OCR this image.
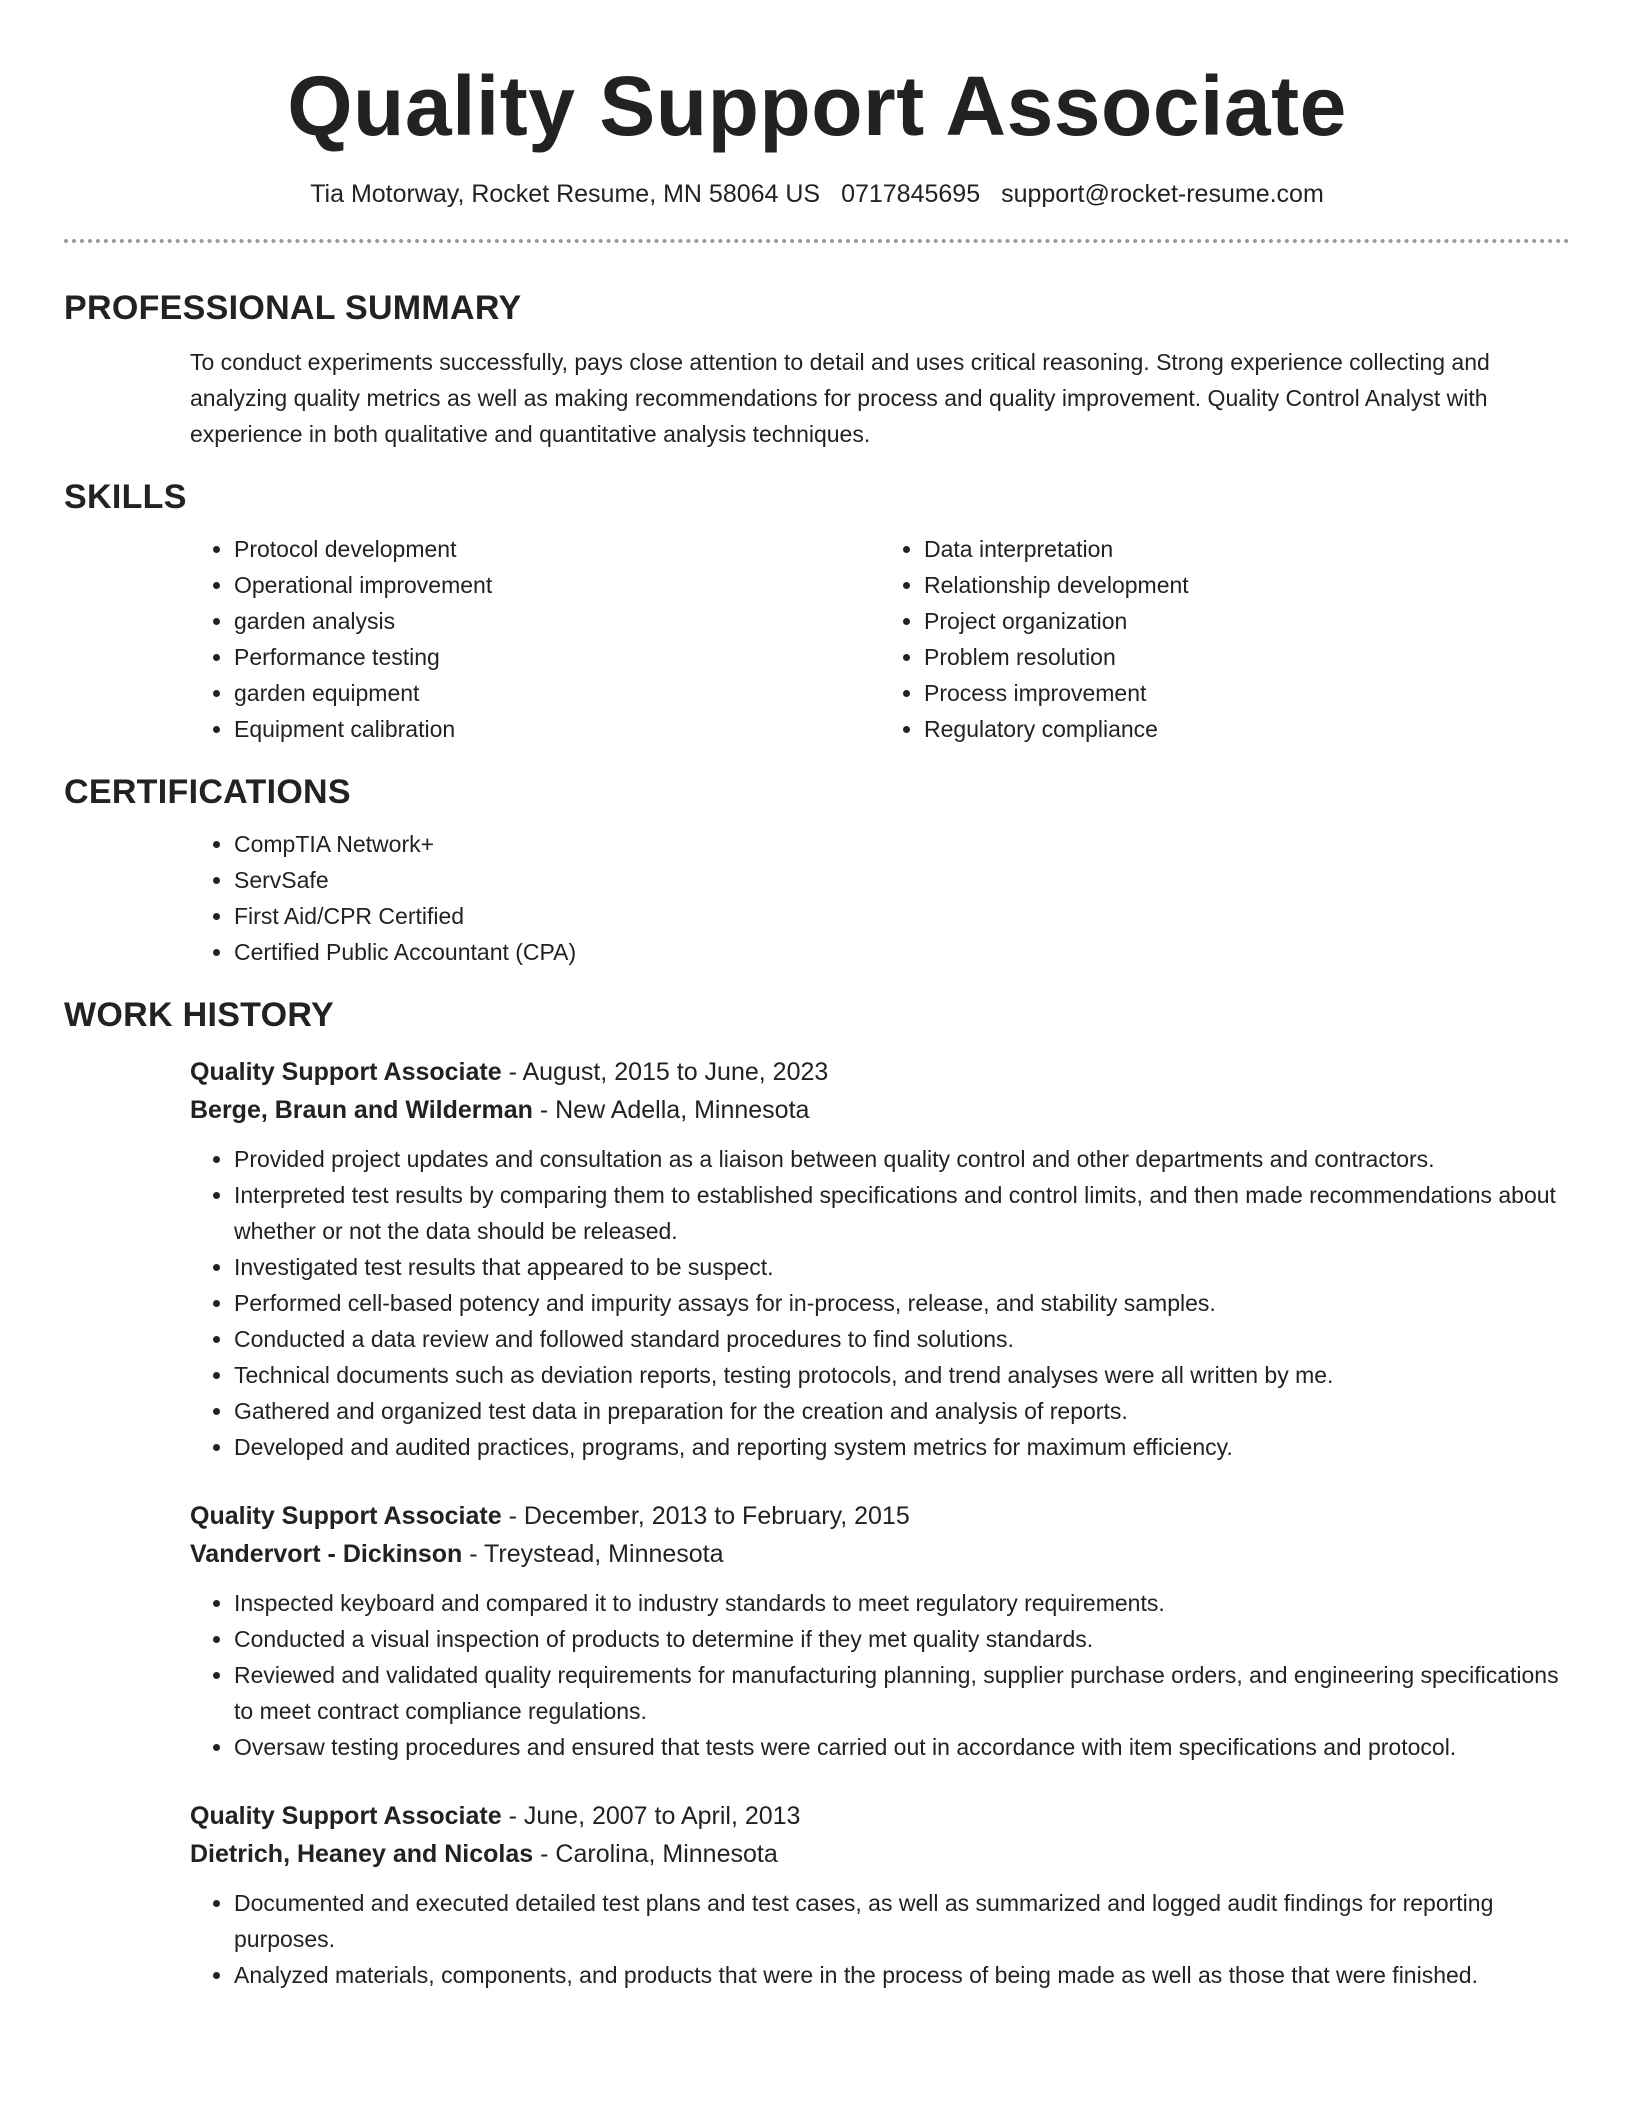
Quality Support Associate
Tia Motorway, Rocket Resume, MN 58064 US 0717845695 support@rocket-resume.com
PROFESSIONAL SUMMARY

To conduct experiments successfully, pays close attention to detail and uses critical reasoning. Strong experience collecting and analyzing quality metrics as well as making recommendations for process and quality improvement. Quality Control Analyst with experience in both qualitative and quantitative analysis techniques.

SKILLS
• Protocol development
• Operational improvement
• garden analysis
• Performance testing
• garden equipment
• Equipment calibration
• Data interpretation
• Relationship development
• Project organization
• Problem resolution
• Process improvement
• Regulatory compliance
CERTIFICATIONS
• CompTIA Network+
• ServSafe
• First Aid/CPR Certified
• Certified Public Accountant (CPA)
WORK HISTORY
Quality Support Associate - August, 2015 to June, 2023
Berge, Braun and Wilderman - New Adella, Minnesota
• Provided project updates and consultation as a liaison between quality control and other departments and contractors.
• Interpreted test results by comparing them to established specifications and control limits, and then made recommendations about whether or not the data should be released.
• Investigated test results that appeared to be suspect.
• Performed cell-based potency and impurity assays for in-process, release, and stability samples.
• Conducted a data review and followed standard procedures to find solutions.
• Technical documents such as deviation reports, testing protocols, and trend analyses were all written by me.
• Gathered and organized test data in preparation for the creation and analysis of reports.
• Developed and audited practices, programs, and reporting system metrics for maximum efficiency.
Quality Support Associate - December, 2013 to February, 2015
Vandervort - Dickinson - Treystead, Minnesota
• Inspected keyboard and compared it to industry standards to meet regulatory requirements.
• Conducted a visual inspection of products to determine if they met quality standards.
• Reviewed and validated quality requirements for manufacturing planning, supplier purchase orders, and engineering specifications to meet contract compliance regulations.
• Oversaw testing procedures and ensured that tests were carried out in accordance with item specifications and protocol.
Quality Support Associate - June, 2007 to April, 2013
Dietrich, Heaney and Nicolas - Carolina, Minnesota
• Documented and executed detailed test plans and test cases, as well as summarized and logged audit findings for reporting purposes.
• Analyzed materials, components, and products that were in the process of being made as well as those that were finished.
